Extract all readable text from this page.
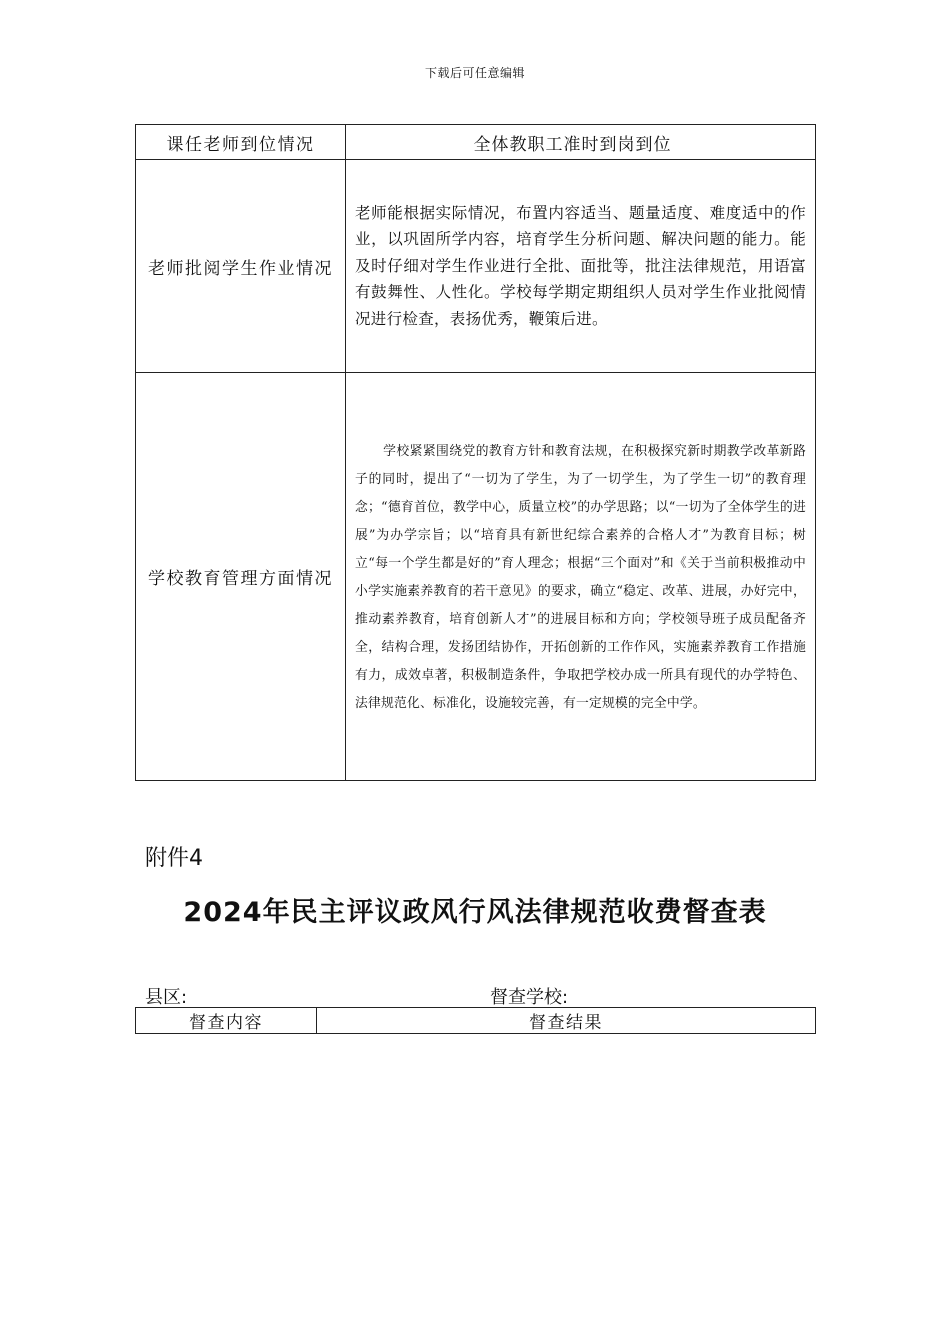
下载后可任意编辑
课任老师到位情况	全体教职工准时到岗到位

老师批阅学生作业情况	老师能根据实际情况，布置内容适当、题量适度、难度适中的作业，以巩固所学内容，培育学生分析问题、解决问题的能力。能及时仔细对学生作业进行全批、面批等，批注法律规范，用语富有鼓舞性、人性化。学校每学期定期组织人员对学生作业批阅情况进行检查，表扬优秀，鞭策后进。

学校教育管理方面情况	学校紧紧围绕党的教育方针和教育法规，在积极探究新时期教学改革新路子的同时，提出了“一切为了学生，为了一切学生，为了学生一切”的教育理念；“德育首位，教学中心，质量立校”的办学思路；以“一切为了全体学生的进展”为办学宗旨；以“培育具有新世纪综合素养的合格人才”为教育目标；树立“每一个学生都是好的”育人理念；根据“三个面对”和《关于当前积极推动中小学实施素养教育的若干意见》的要求，确立“稳定、改革、进展，办好完中，推动素养教育，培育创新人才”的进展目标和方向；学校领导班子成员配备齐全，结构合理，发扬团结协作，开拓创新的工作作风，实施素养教育工作措施有力，成效卓著，积极制造条件，争取把学校办成一所具有现代的办学特色、法律规范化、标准化，设施较完善，有一定规模的完全中学。
附件4
2024年民主评议政风行风法律规范收费督查表
县区:	督查学校:
督查内容	督查结果
